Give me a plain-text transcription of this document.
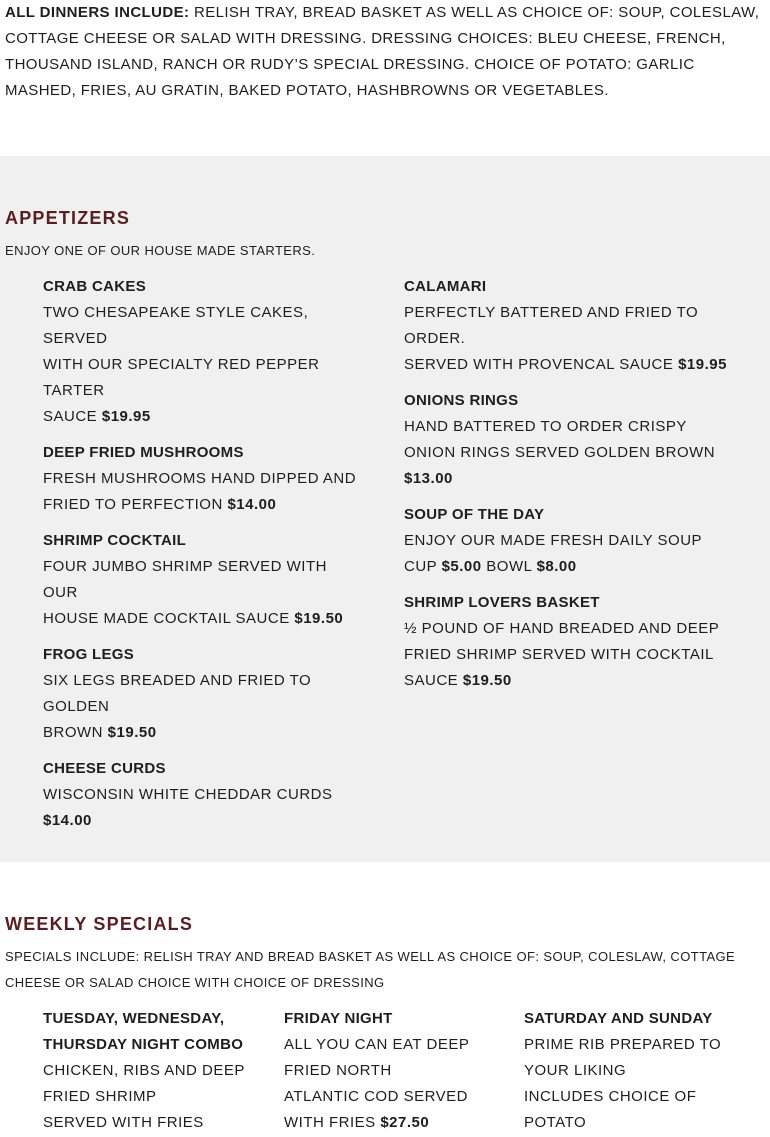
ALL DINNERS INCLUDE: RELISH TRAY, BREAD BASKET AS WELL AS CHOICE OF: SOUP, COLESLAW, COTTAGE CHEESE OR SALAD WITH DRESSING. DRESSING CHOICES: BLEU CHEESE, FRENCH, THOUSAND ISLAND, RANCH OR RUDY’S SPECIAL DRESSING. CHOICE OF POTATO: GARLIC MASHED, FRIES, AU GRATIN, BAKED POTATO, HASHBROWNS OR VEGETABLES.
APPETIZERS
ENJOY ONE OF OUR HOUSE MADE STARTERS.
CRAB CAKES
TWO CHESAPEAKE STYLE CAKES,
SERVED
WITH OUR SPECIALTY RED PEPPER
TARTER
SAUCE $19.95
DEEP FRIED MUSHROOMS
FRESH MUSHROOMS HAND DIPPED AND
FRIED TO PERFECTION $14.00
SHRIMP COCKTAIL
FOUR JUMBO SHRIMP SERVED WITH OUR
HOUSE MADE COCKTAIL SAUCE $19.50
FROG LEGS
SIX LEGS BREADED AND FRIED TO
GOLDEN
BROWN $19.50
CHEESE CURDS
WISCONSIN WHITE CHEDDAR CURDS
$14.00
CALAMARI
PERFECTLY BATTERED AND FRIED TO
ORDER.
SERVED WITH PROVENCAL SAUCE $19.95
ONIONS RINGS
HAND BATTERED TO ORDER CRISPY
ONION RINGS SERVED GOLDEN BROWN
$13.00
SOUP OF THE DAY
ENJOY OUR MADE FRESH DAILY SOUP
CUP $5.00 BOWL $8.00
SHRIMP LOVERS BASKET
½ POUND OF HAND BREADED AND DEEP
FRIED SHRIMP SERVED WITH COCKTAIL
SAUCE $19.50
WEEKLY SPECIALS
SPECIALS INCLUDE: RELISH TRAY AND BREAD BASKET AS WELL AS CHOICE OF: SOUP, COLESLAW, COTTAGE
CHEESE OR SALAD CHOICE WITH CHOICE OF DRESSING
TUESDAY, WEDNESDAY,
THURSDAY NIGHT COMBO
CHICKEN, RIBS AND DEEP
FRIED SHRIMP
SERVED WITH FRIES
FRIDAY NIGHT
ALL YOU CAN EAT DEEP
FRIED NORTH
ATLANTIC COD SERVED
WITH FRIES $27.50
SATURDAY AND SUNDAY
PRIME RIB PREPARED TO
YOUR LIKING
INCLUDES CHOICE OF
POTATO
